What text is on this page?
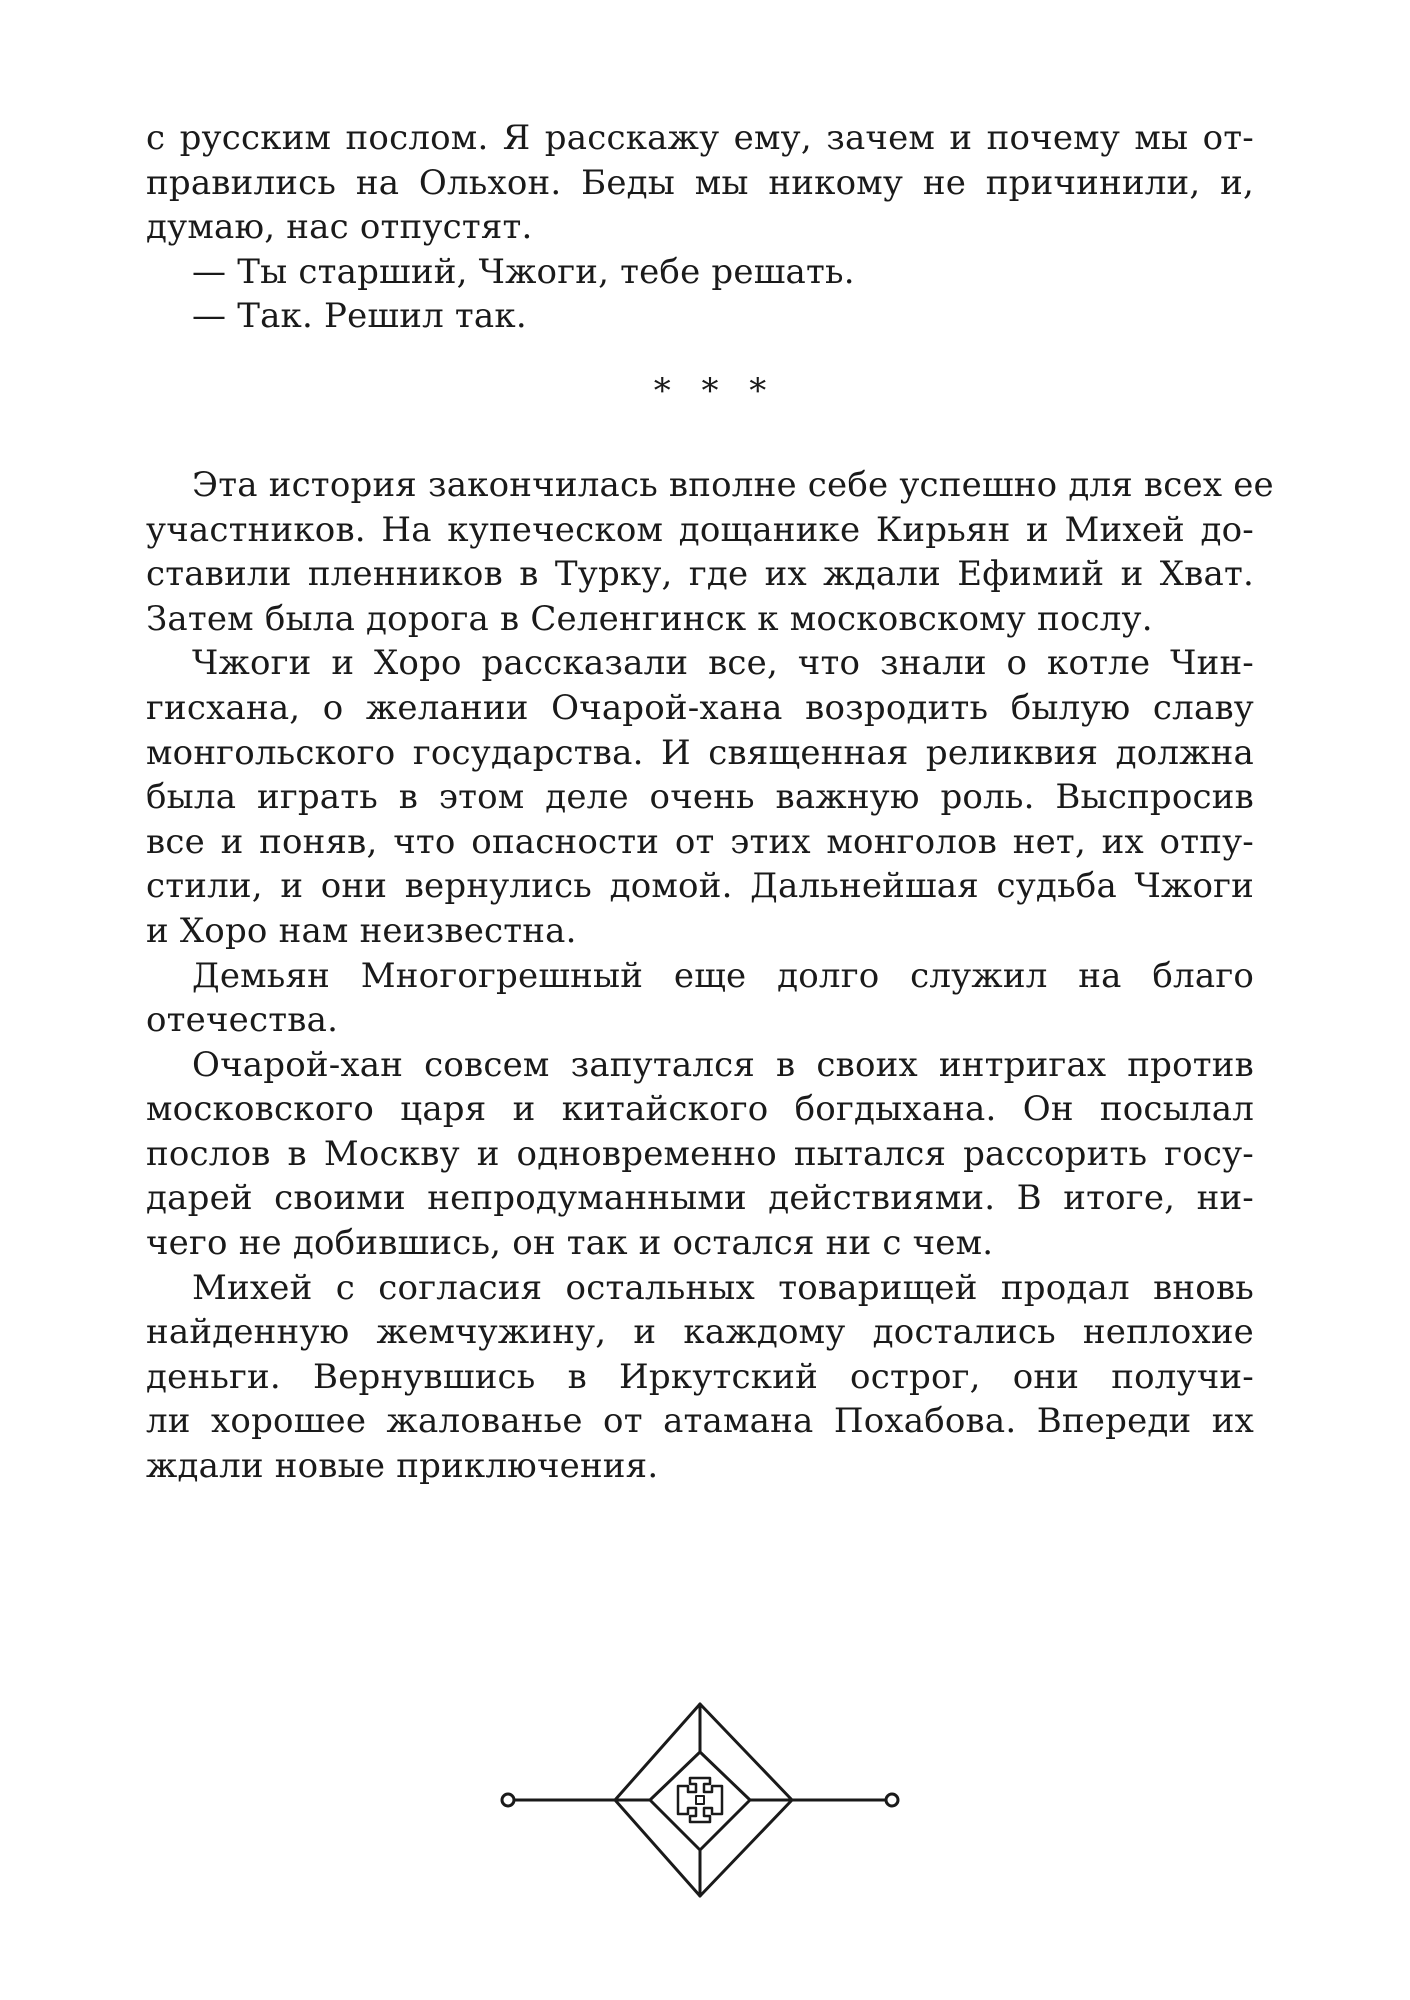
с русским послом. Я расскажу ему, зачем и почему мы от-
правились на Ольхон. Беды мы никому не причинили, и,
думаю, нас отпустят.
— Ты старший, Чжоги, тебе решать.
— Так. Решил так.
* * *
Эта история закончилась вполне себе успешно для всех ее
участников. На купеческом дощанике Кирьян и Михей до-
ставили пленников в Турку, где их ждали Ефимий и Хват.
Затем была дорога в Селенгинск к московскому послу.
Чжоги и Хоро рассказали все, что знали о котле Чин-
гисхана, о желании Очарой-хана возродить былую славу
монгольского государства. И священная реликвия должна
была играть в этом деле очень важную роль. Выспросив
все и поняв, что опасности от этих монголов нет, их отпу-
стили, и они вернулись домой. Дальнейшая судьба Чжоги
и Хоро нам неизвестна.
Демьян Многогрешный еще долго служил на благо
отечества.
Очарой-хан совсем запутался в своих интригах против
московского царя и китайского богдыхана. Он посылал
послов в Москву и одновременно пытался рассорить госу-
дарей своими непродуманными действиями. В итоге, ни-
чего не добившись, он так и остался ни с чем.
Михей с согласия остальных товарищей продал вновь
найденную жемчужину, и каждому достались неплохие
деньги. Вернувшись в Иркутский острог, они получи-
ли хорошее жалованье от атамана Похабова. Впереди их
ждали новые приключения.
